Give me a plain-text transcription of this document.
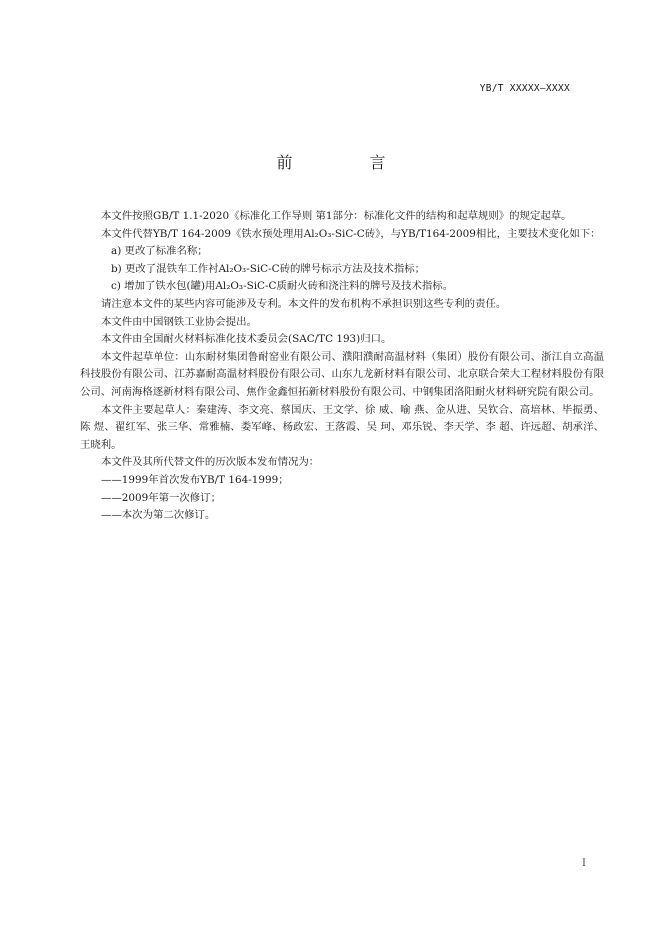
YB/T XXXXX—XXXX
前 言

本文件按照GB/T 1.1-2020《标准化工作导则 第1部分：标准化文件的结构和起草规则》的规定起草。

本文件代替YB/T 164-2009《铁水预处理用Al₂O₃-SiC-C砖》，与YB/T164-2009相比，主要技术变化如下：

a) 更改了标准名称；

b) 更改了混铁车工作衬Al₂O₃-SiC-C砖的牌号标示方法及技术指标；

c) 增加了铁水包(罐)用Al₂O₃-SiC-C质耐火砖和浇注料的牌号及技术指标。

请注意本文件的某些内容可能涉及专利。本文件的发布机构不承担识别这些专利的责任。

本文件由中国钢铁工业协会提出。

本文件由全国耐火材料标准化技术委员会(SAC/TC 193)归口。

本文件起草单位：山东耐材集团鲁耐窑业有限公司、濮阳濮耐高温材料（集团）股份有限公司、浙江自立高温科技股份有限公司、江苏嘉耐高温材料股份有限公司、山东九龙新材料有限公司、北京联合荣大工程材料股份有限公司、河南海格逐新材料有限公司、焦作金鑫恒拓新材料股份有限公司、中钢集团洛阳耐火材料研究院有限公司。

本文件主要起草人：秦建涛、李文亮、蔡国庆、王文学、徐 威、喻 燕、金从进、吴钦合、高培林、毕振勇、陈 煜、翟红军、张三华、常雅楠、娄军峰、杨政宏、王落霞、吴 珂、邓乐锐、李天学、李 超、许远超、胡承洋、王晓利。

本文件及其所代替文件的历次版本发布情况为：

——1999年首次发布YB/T 164-1999；

——2009年第一次修订；

——本次为第二次修订。

I
